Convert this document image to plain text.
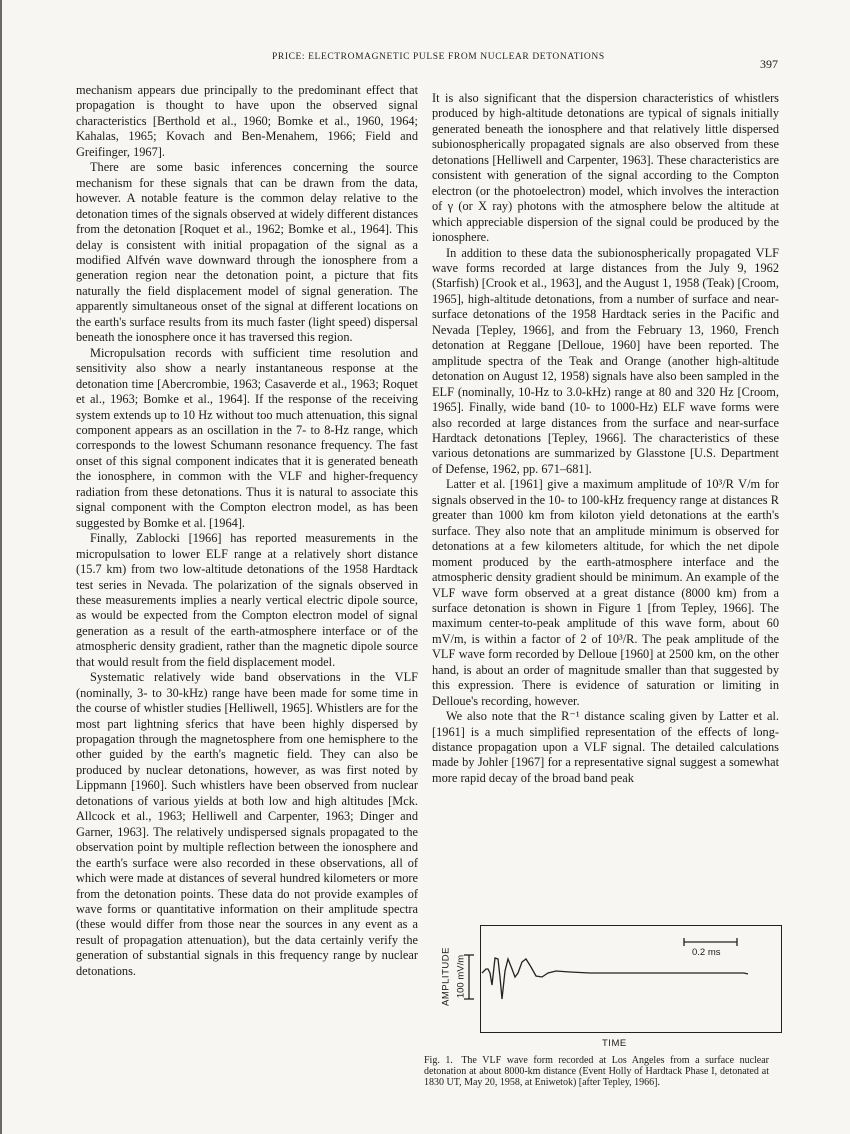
PRICE: ELECTROMAGNETIC PULSE FROM NUCLEAR DETONATIONS	397

mechanism appears due principally to the predominant effect that propagation is thought to have upon the observed signal characteristics [Berthold et al., 1960; Bomke et al., 1960, 1964; Kahalas, 1965; Kovach and Ben-Menahem, 1966; Field and Greifinger, 1967].

There are some basic inferences concerning the source mechanism for these signals that can be drawn from the data, however. A notable feature is the common delay relative to the detonation times of the signals observed at widely different distances from the detonation [Roquet et al., 1962; Bomke et al., 1964]. This delay is consistent with initial propagation of the signal as a modified Alfvén wave downward through the ionosphere from a generation region near the detonation point, a picture that fits naturally the field displacement model of signal generation. The apparently simultaneous onset of the signal at different locations on the earth's surface results from its much faster (light speed) dispersal beneath the ionosphere once it has traversed this region.

Micropulsation records with sufficient time resolution and sensitivity also show a nearly instantaneous response at the detonation time [Abercrombie, 1963; Casaverde et al., 1963; Roquet et al., 1963; Bomke et al., 1964]. If the response of the receiving system extends up to 10 Hz without too much attenuation, this signal component appears as an oscillation in the 7- to 8-Hz range, which corresponds to the lowest Schumann resonance frequency. The fast onset of this signal component indicates that it is generated beneath the ionosphere, in common with the VLF and higher-frequency radiation from these detonations. Thus it is natural to associate this signal component with the Compton electron model, as has been suggested by Bomke et al. [1964].

Finally, Zablocki [1966] has reported measurements in the micropulsation to lower ELF range at a relatively short distance (15.7 km) from two low-altitude detonations of the 1958 Hardtack test series in Nevada. The polarization of the signals observed in these measurements implies a nearly vertical electric dipole source, as would be expected from the Compton electron model of signal generation as a result of the earth-atmosphere interface or of the atmospheric density gradient, rather than the magnetic dipole source that would result from the field displacement model.

Systematic relatively wide band observations in the VLF (nominally, 3- to 30-kHz) range have been made for some time in the course of whistler studies [Helliwell, 1965]. Whistlers are for the most part lightning sferics that have been highly dispersed by propagation through the magnetosphere from one hemisphere to the other guided by the earth's magnetic field. They can also be produced by nuclear detonations, however, as was first noted by Lippmann [1960]. Such whistlers have been observed from nuclear detonations of various yields at both low and high altitudes [Mck. Allcock et al., 1963; Helliwell and Carpenter, 1963; Dinger and Garner, 1963]. The relatively undispersed signals propagated to the observation point by multiple reflection between the ionosphere and the earth's surface were also recorded in these observations, all of which were made at distances of several hundred kilometers or more from the detonation points. These data do not provide examples of wave forms or quantitative information on their amplitude spectra (these would differ from those near the sources in any event as a result of propagation attenuation), but the data certainly verify the generation of substantial signals in this frequency range by nuclear detonations.

It is also significant that the dispersion characteristics of whistlers produced by high-altitude detonations are typical of signals initially generated beneath the ionosphere and that relatively little dispersed subionospherically propagated signals are also observed from these detonations [Helliwell and Carpenter, 1963]. These characteristics are consistent with generation of the signal according to the Compton electron (or the photoelectron) model, which involves the interaction of γ (or X ray) photons with the atmosphere below the altitude at which appreciable dispersion of the signal could be produced by the ionosphere.

In addition to these data the subionospherically propagated VLF wave forms recorded at large distances from the July 9, 1962 (Starfish) [Crook et al., 1963], and the August 1, 1958 (Teak) [Croom, 1965], high-altitude detonations, from a number of surface and near-surface detonations of the 1958 Hardtack series in the Pacific and Nevada [Tepley, 1966], and from the February 13, 1960, French detonation at Reggane [Delloue, 1960] have been reported. The amplitude spectra of the Teak and Orange (another high-altitude detonation on August 12, 1958) signals have also been sampled in the ELF (nominally, 10-Hz to 3.0-kHz) range at 80 and 320 Hz [Croom, 1965]. Finally, wide band (10- to 1000-Hz) ELF wave forms were also recorded at large distances from the surface and near-surface Hardtack detonations [Tepley, 1966]. The characteristics of these various detonations are summarized by Glasstone [U.S. Department of Defense, 1962, pp. 671–681].

Latter et al. [1961] give a maximum amplitude of 10³/R V/m for signals observed in the 10- to 100-kHz frequency range at distances R greater than 1000 km from kiloton yield detonations at the earth's surface. They also note that an amplitude minimum is observed for detonations at a few kilometers altitude, for which the net dipole moment produced by the earth-atmosphere interface and the atmospheric density gradient should be minimum. An example of the VLF wave form observed at a great distance (8000 km) from a surface detonation is shown in Figure 1 [from Tepley, 1966]. The maximum center-to-peak amplitude of this wave form, about 60 mV/m, is within a factor of 2 of 10³/R. The peak amplitude of the VLF wave form recorded by Delloue [1960] at 2500 km, on the other hand, is about an order of magnitude smaller than that suggested by this expression. There is evidence of saturation or limiting in Delloue's recording, however.

We also note that the R⁻¹ distance scaling given by Latter et al. [1961] is a much simplified representation of the effects of long-distance propagation upon a VLF signal. The detailed calculations made by Johler [1967] for a representative signal suggest a somewhat more rapid decay of the broad band peak

AMPLITUDE 100 mV/m
0.2 ms
TIME
Fig. 1. The VLF wave form recorded at Los Angeles from a surface nuclear detonation at about 8000-km distance (Event Holly of Hardtack Phase I, detonated at 1830 UT, May 20, 1958, at Eniwetok) [after Tepley, 1966].
